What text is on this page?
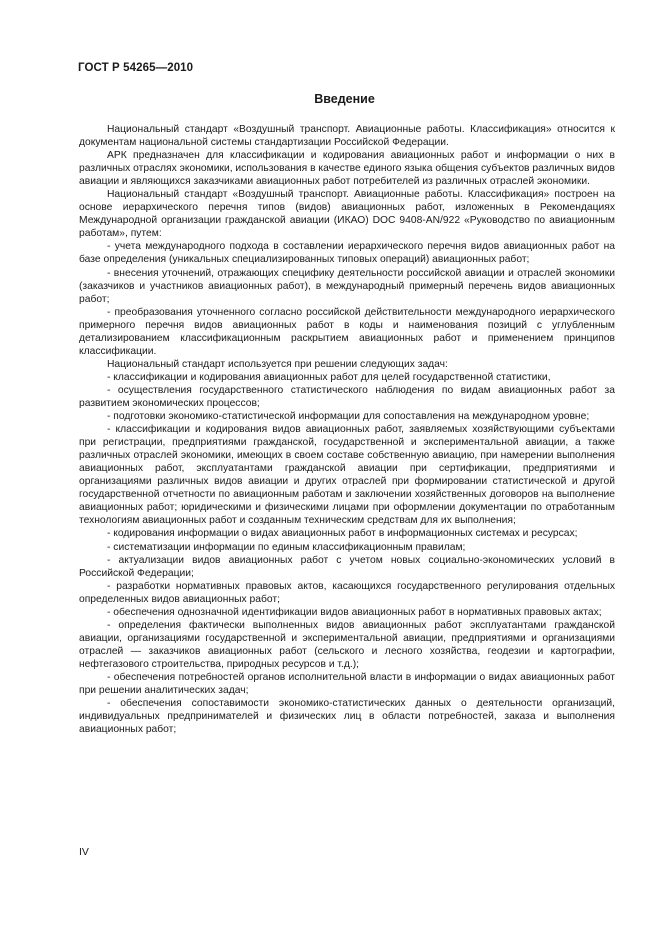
ГОСТ Р 54265—2010
Введение

Национальный стандарт «Воздушный транспорт. Авиационные работы. Классификация» относится к документам национальной системы стандартизации Российской Федерации.

АРК предназначен для классификации и кодирования авиационных работ и информации о них в различных отраслях экономики, использования в качестве единого языка общения субъектов различных видов авиации и являющихся заказчиками авиационных работ потребителей из различных отраслей экономики.

Национальный стандарт «Воздушный транспорт. Авиационные работы. Классификация» построен на основе иерархического перечня типов (видов) авиационных работ, изложенных в Рекомендациях Международной организации гражданской авиации (ИКАО) DOC 9408-AN/922 «Руководство по авиационным работам», путем:

- учета международного подхода в составлении иерархического перечня видов авиационных работ на базе определения (уникальных специализированных типовых операций) авиационных работ;

- внесения уточнений, отражающих специфику деятельности российской авиации и отраслей экономики (заказчиков и участников авиационных работ), в международный примерный перечень видов авиационных работ;

- преобразования уточненного согласно российской действительности международного иерархического примерного перечня видов авиационных работ в коды и наименования позиций с углубленным детализированием классификационным раскрытием авиационных работ и применением принципов классификации.

Национальный стандарт используется при решении следующих задач:

- классификации и кодирования авиационных работ для целей государственной статистики,

- осуществления государственного статистического наблюдения по видам авиационных работ за развитием экономических процессов;

- подготовки экономико-статистической информации для сопоставления на международном уровне;

- классификации и кодирования видов авиационных работ, заявляемых хозяйствующими субъектами при регистрации, предприятиями гражданской, государственной и экспериментальной авиации, а также различных отраслей экономики, имеющих в своем составе собственную авиацию, при намерении выполнения авиационных работ, эксплуатантами гражданской авиации при сертификации, предприятиями и организациями различных видов авиации и других отраслей при формировании статистической и другой государственной отчетности по авиационным работам и заключении хозяйственных договоров на выполнение авиационных работ; юридическими и физическими лицами при оформлении документации по отработанным технологиям авиационных работ и созданным техническим средствам для их выполнения;

- кодирования информации о видах авиационных работ в информационных системах и ресурсах;

- систематизации информации по единым классификационным правилам;

- актуализации видов авиационных работ с учетом новых социально-экономических условий в Российской Федерации;

- разработки нормативных правовых актов, касающихся государственного регулирования отдельных определенных видов авиационных работ;

- обеспечения однозначной идентификации видов авиационных работ в нормативных правовых актах;

- определения фактически выполненных видов авиационных работ эксплуатантами гражданской авиации, организациями государственной и экспериментальной авиации, предприятиями и организациями отраслей — заказчиков авиационных работ (сельского и лесного хозяйства, геодезии и картографии, нефтегазового строительства, природных ресурсов и т.д.);

- обеспечения потребностей органов исполнительной власти в информации о видах авиационных работ при решении аналитических задач;

- обеспечения сопоставимости экономико-статистических данных о деятельности организаций, индивидуальных предпринимателей и физических лиц в области потребностей, заказа и выполнения авиационных работ;

IV
